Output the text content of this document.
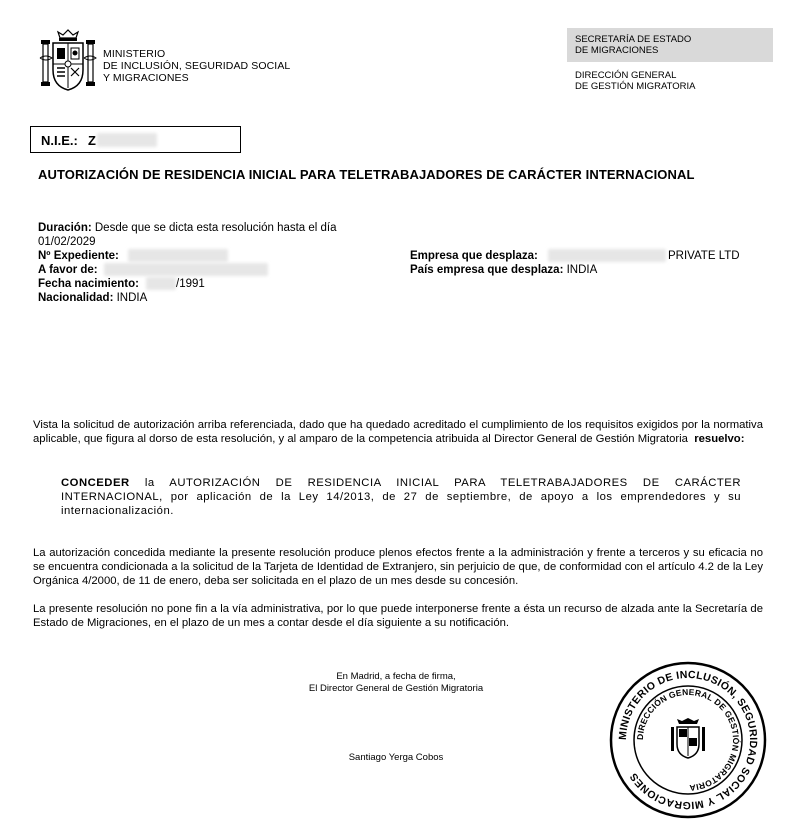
MINISTERIO
DE INCLUSIÓN, SEGURIDAD SOCIAL
Y MIGRACIONES
SECRETARÍA DE ESTADO
DE MIGRACIONES
DIRECCIÓN GENERAL
DE GESTIÓN MIGRATORIA
N.I.E.: Z
AUTORIZACIÓN DE RESIDENCIA INICIAL PARA TELETRABAJADORES DE CARÁCTER INTERNACIONAL
Duración: Desde que se dicta esta resolución hasta el día
01/02/2029
Nº Expediente:
A favor de:
Fecha nacimiento:	/1991
Nacionalidad: INDIA
Empresa que desplaza:	PRIVATE LTD
País empresa que desplaza: INDIA
Vista la solicitud de autorización arriba referenciada, dado que ha quedado acreditado el cumplimiento de los requisitos exigidos por la normativa aplicable, que figura al dorso de esta resolución, y al amparo de la competencia atribuida al Director General de Gestión Migratoria resuelvo:
CONCEDER la AUTORIZACIÓN DE RESIDENCIA INICIAL PARA TELETRABAJADORES DE CARÁCTER INTERNACIONAL, por aplicación de la Ley 14/2013, de 27 de septiembre, de apoyo a los emprendedores y su internacionalización.
La autorización concedida mediante la presente resolución produce plenos efectos frente a la administración y frente a terceros y su eficacia no se encuentra condicionada a la solicitud de la Tarjeta de Identidad de Extranjero, sin perjuicio de que, de conformidad con el artículo 4.2 de la Ley Orgánica 4/2000, de 11 de enero, deba ser solicitada en el plazo de un mes desde su concesión.
La presente resolución no pone fin a la vía administrativa, por lo que puede interponerse frente a ésta un recurso de alzada ante la Secretaría de Estado de Migraciones, en el plazo de un mes a contar desde el día siguiente a su notificación.
En Madrid, a fecha de firma,
El Director General de Gestión Migratoria
Santiago Yerga Cobos
MINISTERIO DE INCLUSIÓN, SEGURIDAD SOCIAL Y MIGRACIONES
DIRECCIÓN GENERAL DE GESTIÓN MIGRATORIA
